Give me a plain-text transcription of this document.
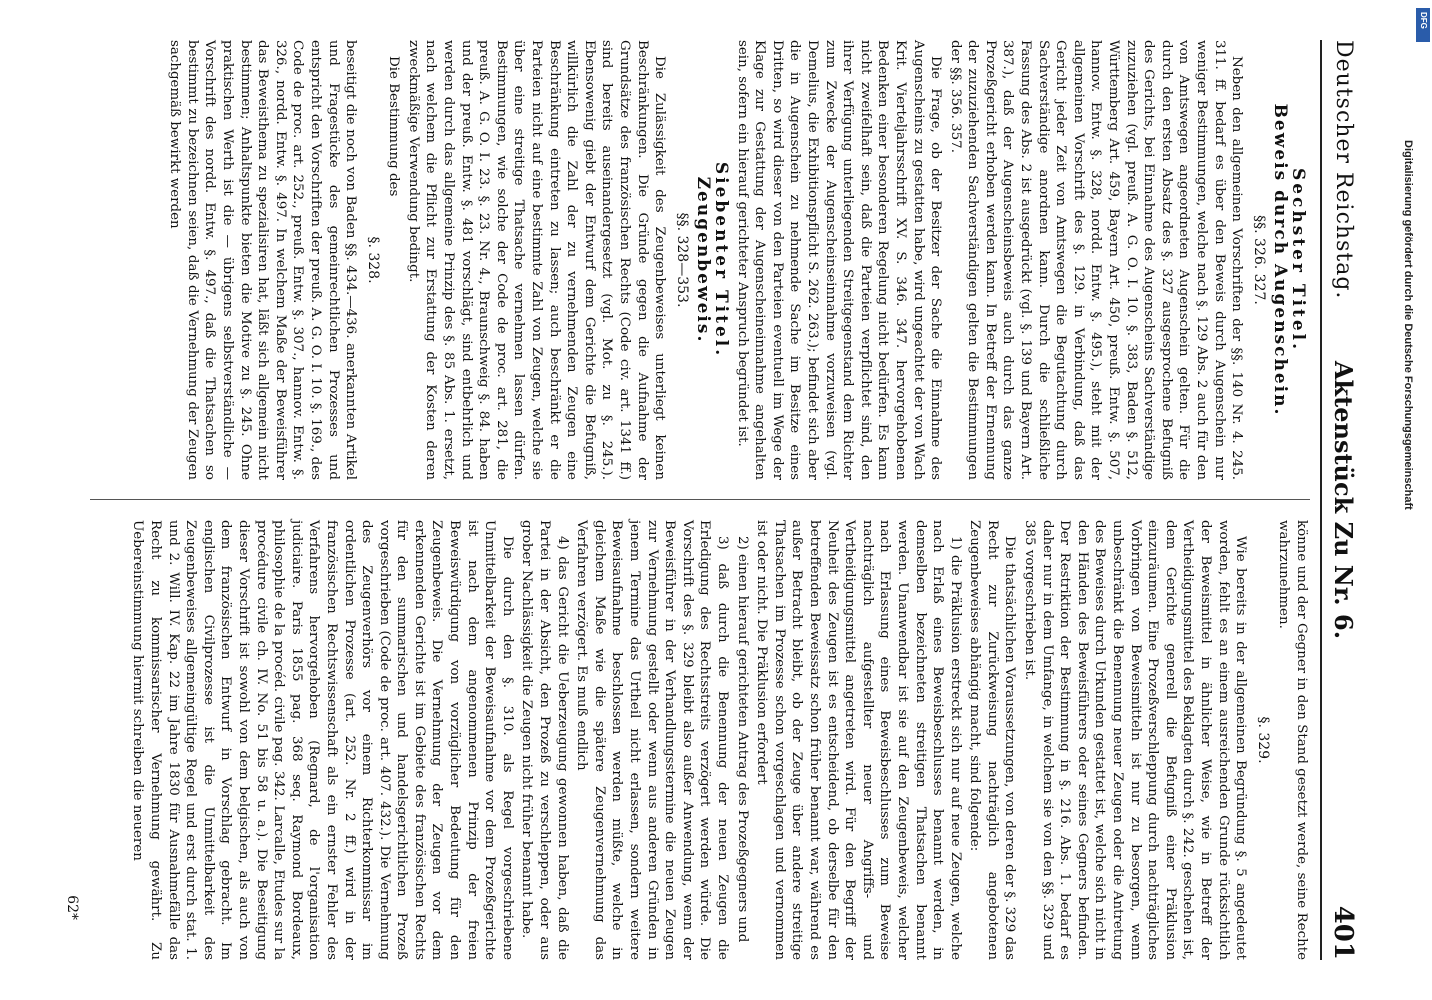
Deutscher Reichstag.
Aktenstück Zu Nr. 6.
401
Sechster Titel.
Beweis durch Augenschein.
§§. 326. 327.

Neben den allgemeinen Vorschriften der §§. 140 Nr. 4. 245. 311. ff. bedarf es über den Beweis durch Augenschein nur weniger Bestimmungen, welche nach §. 129 Abs. 2 auch für den von Amtswegen angeordneten Augenschein gelten. Für die durch den ersten Absatz des §. 327 ausgesprochene Befugniß des Gerichts, bei Einnahme des Augenscheins Sachverständige zuzuziehen (vgl. preuß. A. G. O. I. 10. §. 383, Baden §. 512, Württemberg Art. 459, Bayern Art. 450, preuß. Entw. §. 507, hannov. Entw. §. 328, nordd. Entw. §. 495.), steht mit der allgemeinen Vorschrift des §. 129. in Verbindung, daß das Gericht jeder Zeit von Amtswegen die Begutachtung durch Sachverständige anordnen kann. Durch die schließliche Fassung des Abs. 2 ist ausgedrückt (vgl. §. 139 und Bayern Art. 387.), daß der Augenscheinsbeweis auch durch das ganze Prozeßgericht erhoben werden kann. In Betreff der Ernennung der zuzuziehenden Sachverständigen gelten die Bestimmungen der §§. 356. 357.

Die Frage, ob der Besitzer der Sache die Einnahme des Augenscheins zu gestatten habe, wird ungeachtet der von Wach Krit. Vierteljahrsschrift XV. S. 346. 347. hervorgehobenen Bedenken einer besonderen Regelung nicht bedürfen. Es kann nicht zweifelhaft sein, daß die Parteien verpflichtet sind, den ihrer Verfügung unterliegenden Streitgegenstand dem Richter zum Zwecke der Augenscheinseinnahme vorzuweisen (vgl. Demelius, die Exhibitionspflicht S. 262. 263.); befindet sich aber die in Augenschein zu nehmende Sache im Besitze eines Dritten, so wird dieser von den Parteien eventuell im Wege der Klage zur Gestattung der Augenscheineinnahme angehalten sein, sofern ein hierauf gerichteter Anspruch begründet ist.

Siebenter Titel.
Zeugenbeweis.
§§. 328—353.

Die Zulässigkeit des Zeugenbeweises unterliegt keinen Beschränkungen. Die Gründe gegen die Aufnahme der Grundsätze des französischen Rechts (Code civ. art. 1341 ff.) sind bereits auseinandergesetzt (vgl. Mot. zu §. 245.). Ebensowenig giebt der Entwurf dem Gerichte die Befugniß, willkürlich die Zahl der zu vernehmenden Zeugen eine Beschränkung eintreten zu lassen; auch beschränkt er die Parteien nicht auf eine bestimmte Zahl von Zeugen, welche sie über eine streitige Thatsache vernehmen lassen dürfen. Bestimmungen, wie solche der Code de proc. art. 281, die preuß. A. G. O. I. 23. §. 23. Nr. 4., Braunschweig §. 84. haben und der preuß. Entw. §. 481 vorschlägt, sind entbehrlich und werden durch das allgemeine Prinzip des §. 85 Abs. 1. ersetzt, nach welchem die Pflicht zur Erstattung der Kosten deren zweckmäßige Verwendung bedingt.

Die Bestimmung des

§. 328.

beseitigt die noch von Baden §§. 434.—436. anerkannten Artikel und Fragestücke des gemeinrechtlichen Prozesses und entspricht den Vorschriften der preuß. A. G. O. I. 10. §. 169., des Code de proc. art. 252., preuß. Entw. §. 307., hannov. Entw. §. 326., nordd. Entw. §. 497. In welchem Maße der Beweisführer das Beweisthema zu spezialisiren hat, läßt sich allgemein nicht bestimmen; Anhaltspunkte bieten die Motive zu §. 245. Ohne praktischen Werth ist die — übrigens selbstverständliche — Vorschrift des nordd. Entw. §. 497., daß die Thatsachen so bestimmt zu bezeichnen seien, daß die Vernehmung der Zeugen sachgemäß bewirkt werden

könne und der Gegner in den Stand gesetzt werde, seine Rechte wahrzunehmen.

§. 329.

Wie bereits in der allgemeinen Begründung §. 5 angedeutet worden, fehlt es an einem ausreichenden Grunde rücksichtlich der Beweismittel in ähnlicher Weise, wie in Betreff der Vertheidigungsmittel des Beklagten durch §. 242. geschehen ist, dem Gerichte generell die Befugniß einer Präklusion einzuräumen. Eine Prozeßverschleppung durch nachträgliches Vorbringen von Beweismitteln ist nur zu besorgen, wenn unbeschränkt die Benennung neuer Zeugen oder die Antretung des Beweises durch Urkunden gestattet ist, welche sich nicht in den Händen des Beweisführers oder seines Gegners befinden. Der Restriktion der Bestimmung in §. 216. Abs. 1. bedarf es daher nur in dem Umfange, in welchem sie von den §§. 329 und 385 vorgeschrieben ist.

Die thatsächlichen Voraussetzungen, von deren der §. 329 das Recht zur Zurückweisung nachträglich angebotenen Zeugenbeweises abhängig macht, sind folgende:

1) die Präklusion erstreckt sich nur auf neue Zeugen, welche nach Erlaß eines Beweisbeschlusses benannt werden, in demselben bezeichneten streitigen Thatsachen benannt werden. Unanwendbar ist sie auf den Zeugenbeweis, welcher nach Erlassung eines Beweisbeschlusses zum Beweise nachträglich aufgestellter neuer Angriffs- und Vertheidigungsmittel angetreten wird. Für den Begriff der Neuheit des Zeugen ist es entscheidend, ob derselbe für den betreffenden Beweissatz schon früher benannt war, während es außer Betracht bleibt, ob der Zeuge über andere streitige Thatsachen im Prozesse schon vorgeschlagen und vernommen ist oder nicht. Die Präklusion erfordert

2) einen hierauf gerichteten Antrag des Prozeßgegners und

3) daß durch die Benennung der neuen Zeugen die Erledigung des Rechtsstreits verzögert werden würde. Die Vorschrift des §. 329 bleibt also außer Anwendung, wenn der Beweisführer in der Verhandlungsstermine die neuen Zeugen zur Vernehmung gestellt oder wenn aus anderen Gründen in jenem Termine das Urtheil nicht erlassen, sondern weitere Beweisaufnahme beschlossen werden müßte, welche in gleichem Maße wie die spätere Zeugenvernehmung das Verfahren verzögert. Es muß endlich

4) das Gericht die Ueberzeugung gewonnen haben, daß die Partei in der Absicht, den Prozeß zu verschleppen, oder aus grober Nachlässigkeit die Zeugen nicht früher benannt habe.

Die durch den §. 310. als Regel vorgeschriebene Unmittelbarkeit der Beweisaufnahme vor dem Prozeßgerichte ist nach dem angenommenen Prinzip der freien Beweiswürdigung von vorzüglicher Bedeutung für den Zeugenbeweis. Die Vernehmung der Zeugen vor dem erkennenden Gerichte ist im Gebiete des französischen Rechts für den summarischen und handelsgerichtlichen Prozeß vorgeschrieben (Code de proc. art. 407. 432.). Die Vernehmung des Zeugenverhörs vor einem Richterkommissar im ordentlichen Prozesse (art. 252. Nr. 2 ff.) wird in der französischen Rechtswissenschaft als ein ernster Fehler des Verfahrens hervorgehoben (Regnard, de l'organisation judiciaire. Paris 1855 pag. 368 seq. Raymond Bordeaux, philosophie de la procéd. civile pag. 342. Larcalle, Etudes sur la procédure civile ch. IV. No. 51 bis 58 u. a.). Die Beseitigung dieser Vorschrift ist sowohl von dem belgischen, als auch von dem französischen Entwurf in Vorschlag gebracht. Im englischen Civilprozesse ist die Unmittelbarkeit des Zeugenbeweises allgemeingültige Regel und erst durch stat. 1. und 2. Will. IV. Kap. 22 im Jahre 1830 für Ausnahmefälle das Recht zu kommissarischer Vernehmung gewährt. Zu Uebereinstimmung hiermit schreiben die neueren

62*
Digitalisierung gefördert durch die Deutsche Forschungsgemeinschaft
DFG
